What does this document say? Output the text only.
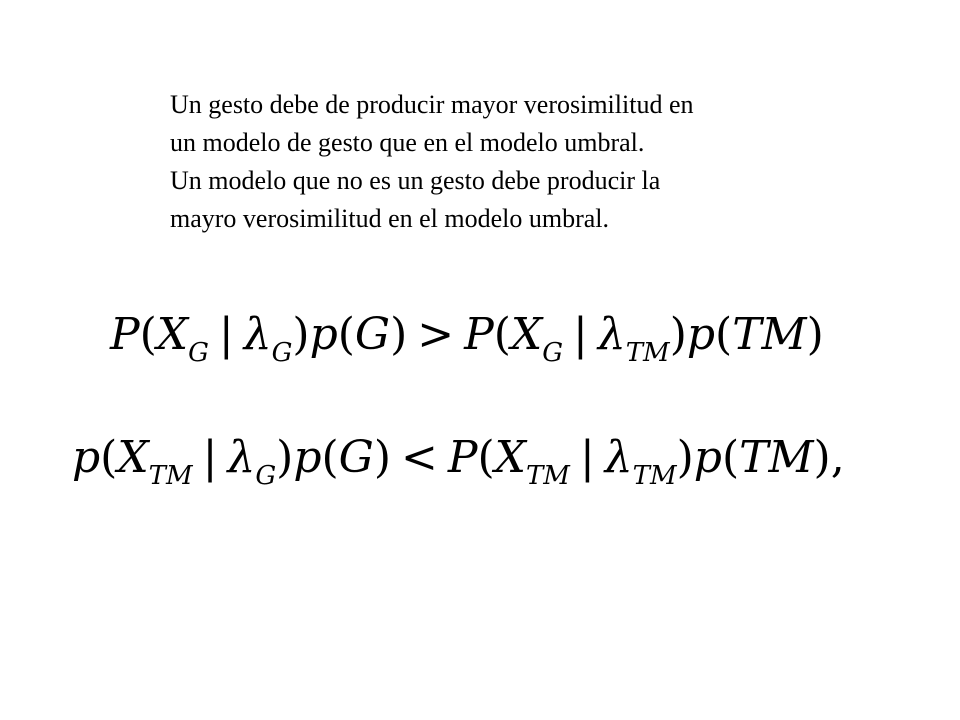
Un gesto debe de producir mayor verosimilitud en
un modelo de gesto que en el modelo umbral.
Un modelo que no es un gesto debe producir la
mayro verosimilitud en el modelo umbral.
$P(X_G$ | $\lambda_G)p(G) > P(X_G$ | $\lambda_{TM})p(TM)$
$p(X_{TM}$ | $\lambda_G)p(G) < P(X_{TM}$ | $\lambda_{TM})p(TM)$,
